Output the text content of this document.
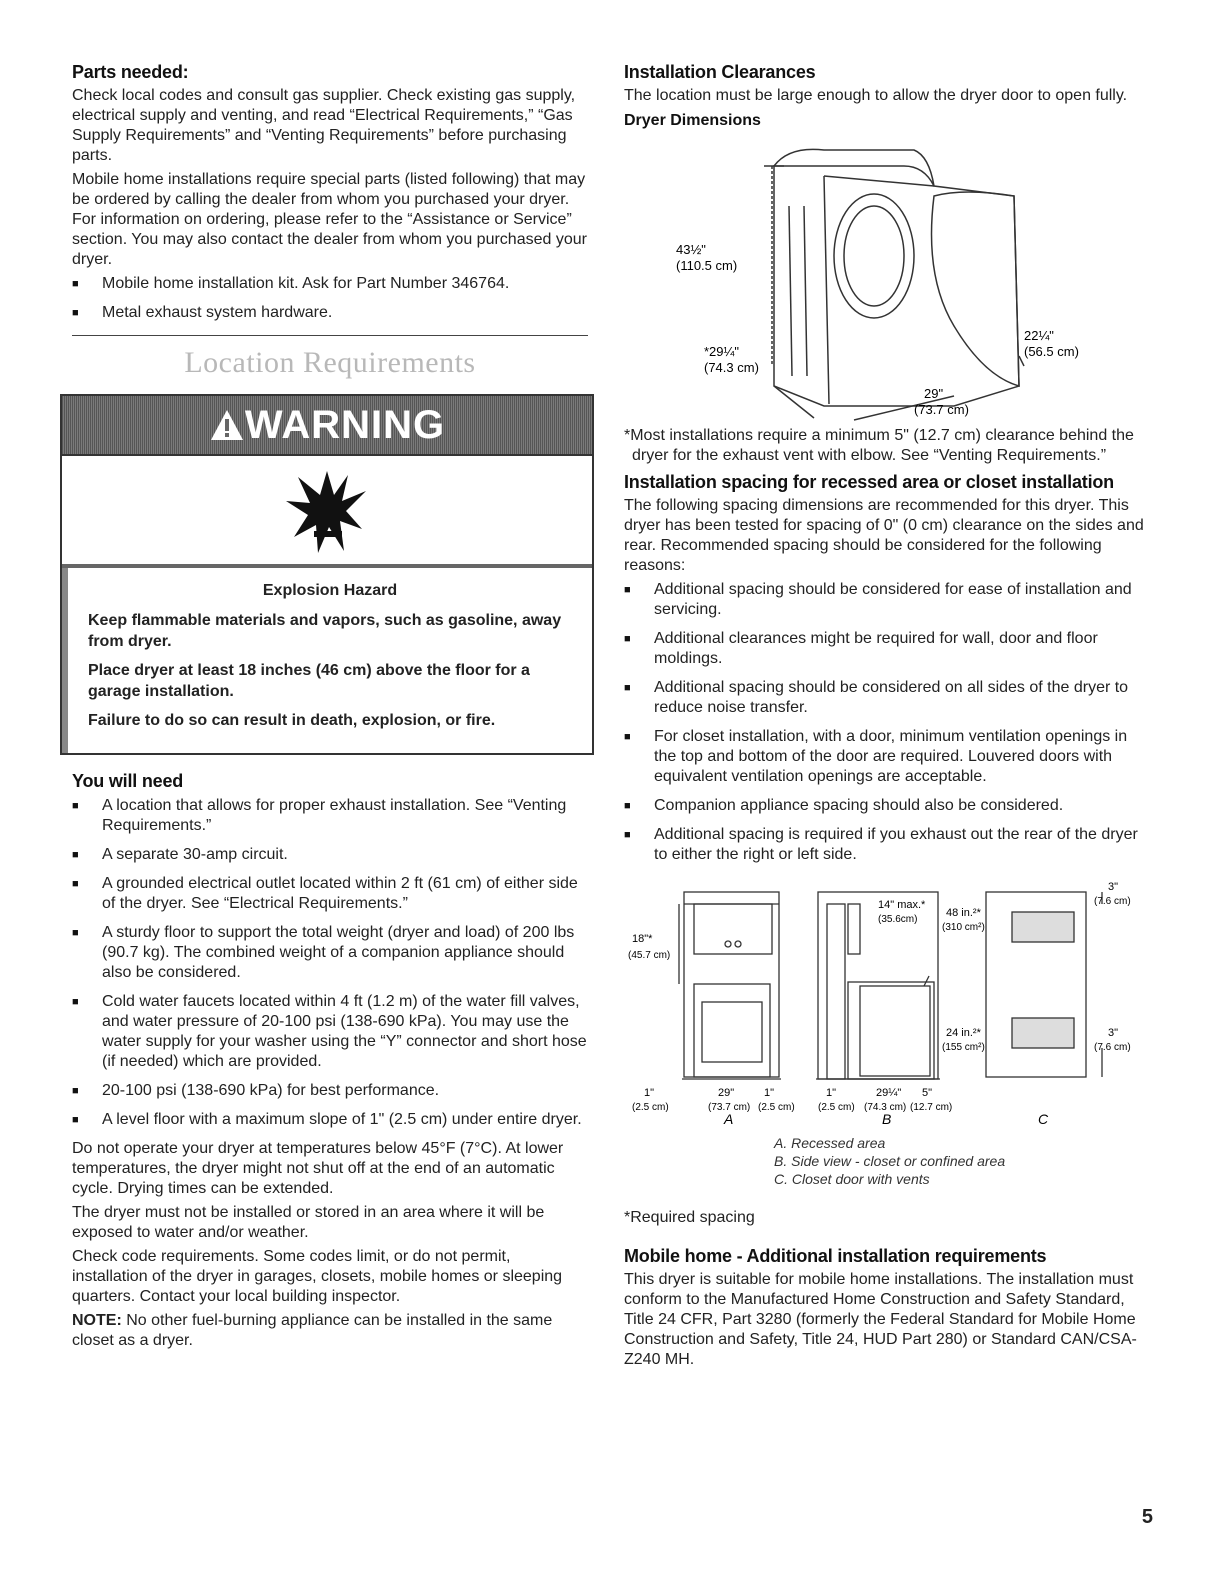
Parts needed:

Check local codes and consult gas supplier. Check existing gas supply, electrical supply and venting, and read “Electrical Requirements,” “Gas Supply Requirements” and “Venting Requirements” before purchasing parts.

Mobile home installations require special parts (listed following) that may be ordered by calling the dealer from whom you purchased your dryer. For information on ordering, please refer to the “Assistance or Service” section. You may also contact the dealer from whom you purchased your dryer.

■ Mobile home installation kit. Ask for Part Number 346764.
■ Metal exhaust system hardware.
Location Requirements
WARNING
Explosion Hazard

Keep flammable materials and vapors, such as gasoline, away from dryer.

Place dryer at least 18 inches (46 cm) above the floor for a garage installation.

Failure to do so can result in death, explosion, or fire.

You will need
■ A location that allows for proper exhaust installation. See “Venting Requirements.”
■ A separate 30-amp circuit.
■ A grounded electrical outlet located within 2 ft (61 cm) of either side of the dryer. See “Electrical Requirements.”
■ A sturdy floor to support the total weight (dryer and load) of 200 lbs (90.7 kg). The combined weight of a companion appliance should also be considered.
■ Cold water faucets located within 4 ft (1.2 m) of the water fill valves, and water pressure of 20-100 psi (138-690 kPa). You may use the water supply for your washer using the “Y” connector and short hose (if needed) which are provided.
■ 20-100 psi (138-690 kPa) for best performance.
■ A level floor with a maximum slope of 1" (2.5 cm) under entire dryer.

Do not operate your dryer at temperatures below 45°F (7°C). At lower temperatures, the dryer might not shut off at the end of an automatic cycle. Drying times can be extended.

The dryer must not be installed or stored in an area where it will be exposed to water and/or weather.

Check code requirements. Some codes limit, or do not permit, installation of the dryer in garages, closets, mobile homes or sleeping quarters. Contact your local building inspector.

NOTE: No other fuel-burning appliance can be installed in the same closet as a dryer.

Installation Clearances

The location must be large enough to allow the dryer door to open fully.

Dryer Dimensions
43½"
(110.5 cm)
*29¼"
(74.3 cm)
29"
(73.7 cm)
22¼"
(56.5 cm)

*Most installations require a minimum 5" (12.7 cm) clearance behind the dryer for the exhaust vent with elbow. See “Venting Requirements.”

Installation spacing for recessed area or closet installation

The following spacing dimensions are recommended for this dryer. This dryer has been tested for spacing of 0" (0 cm) clearance on the sides and rear. Recommended spacing should be considered for the following reasons:

■ Additional spacing should be considered for ease of installation and servicing.
■ Additional clearances might be required for wall, door and floor moldings.
■ Additional spacing should be considered on all sides of the dryer to reduce noise transfer.
■ For closet installation, with a door, minimum ventilation openings in the top and bottom of the door are required. Louvered doors with equivalent ventilation openings are acceptable.
■ Companion appliance spacing should also be considered.
■ Additional spacing is required if you exhaust out the rear of the dryer to either the right or left side.
18"*
(45.7 cm)
1"
(2.5 cm)
29"
(73.7 cm)
1"
(2.5 cm)
14" max.*
(35.6cm)
1"	29¼" 5"
(2.5 cm) (74.3 cm) (12.7 cm)
48 in.²*
(310 cm²)
24 in.²*
(155 cm²)
3"
(7.6 cm)
3"
(7.6 cm)
A	B	C
A. Recessed area
B. Side view - closet or confined area
C. Closet door with vents

*Required spacing

Mobile home - Additional installation requirements

This dryer is suitable for mobile home installations. The installation must conform to the Manufactured Home Construction and Safety Standard, Title 24 CFR, Part 3280 (formerly the Federal Standard for Mobile Home Construction and Safety, Title 24, HUD Part 280) or Standard CAN/CSA-Z240 MH.

5
